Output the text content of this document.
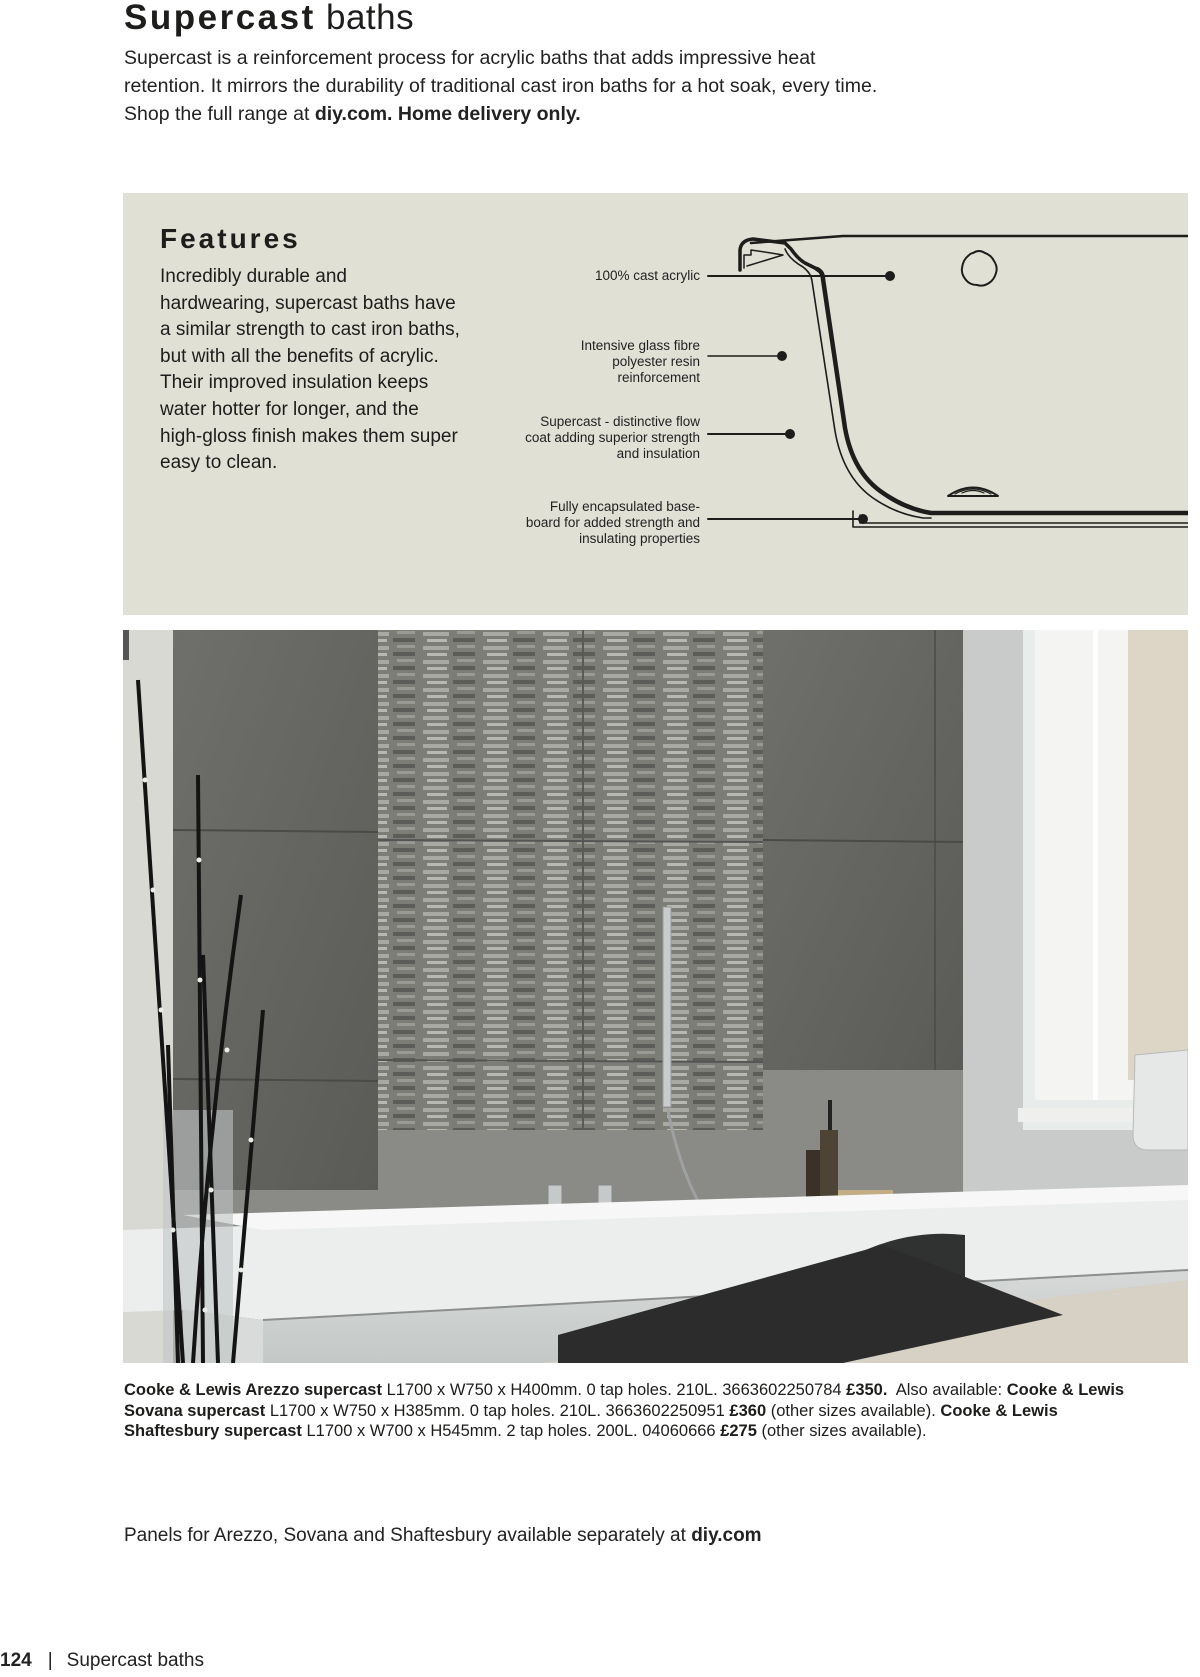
Supercast baths
Supercast is a reinforcement process for acrylic baths that adds impressive heat retention. It mirrors the durability of traditional cast iron baths for a hot soak, every time. Shop the full range at diy.com. Home delivery only.
Features
Incredibly durable and hardwearing, supercast baths have a similar strength to cast iron baths, but with all the benefits of acrylic. Their improved insulation keeps water hotter for longer, and the high-gloss finish makes them super easy to clean.
100% cast acrylic
Intensive glass fibre polyester resin reinforcement
Supercast - distinctive flow coat adding superior strength and insulation
Fully encapsulated base-board for added strength and insulating properties
Cooke & Lewis Arezzo supercast L1700 x W750 x H400mm. 0 tap holes. 210L. 3663602250784 £350. Also available: Cooke & Lewis Sovana supercast L1700 x W750 x H385mm. 0 tap holes. 210L. 3663602250951 £360 (other sizes available). Cooke & Lewis Shaftesbury supercast L1700 x W700 x H545mm. 2 tap holes. 200L. 04060666 £275 (other sizes available).
Panels for Arezzo, Sovana and Shaftesbury available separately at diy.com
124 | Supercast baths
